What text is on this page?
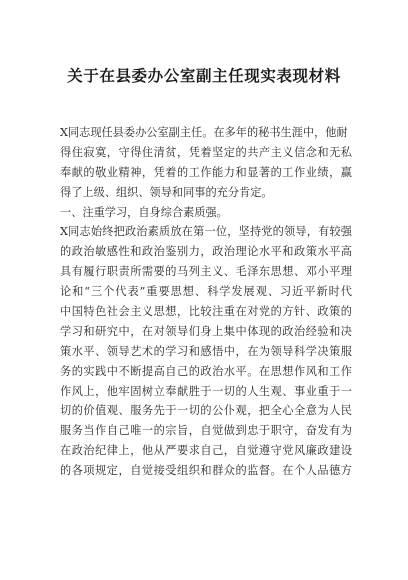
关于在县委办公室副主任现实表现材料
X同志现任县委办公室副主任。在多年的秘书生涯中，他耐
得住寂寞，守得住清贫，凭着坚定的共产主义信念和无私
奉献的敬业精神，凭着的工作能力和显著的工作业绩，赢
得了上级、组织、领导和同事的充分肯定。
一、注重学习，自身综合素质强。
X同志始终把政治素质放在第一位，坚持党的领导，有较强
的政治敏感性和政治鉴别力，政治理论水平和政策水平高
具有履行职责所需要的马列主义、毛泽东思想、邓小平理
论和“三个代表”重要思想、科学发展观、习近平新时代
中国特色社会主义思想，比较注重在对党的方针、政策的
学习和研究中，在对领导们身上集中体现的政治经验和决
策水平、领导艺术的学习和感悟中，在为领导科学决策服
务的实践中不断提高自己的政治水平。在思想作风和工作
作风上，他牢固树立奉献胜于一切的人生观、事业重于一
切的价值观、服务先于一切的公仆观，把全心全意为人民
服务当作自己唯一的宗旨，自觉做到忠于职守，奋发有为
在政治纪律上，他从严要求自己，自觉遵守党风廉政建设
的各项规定，自觉接受组织和群众的监督。在个人品德方
